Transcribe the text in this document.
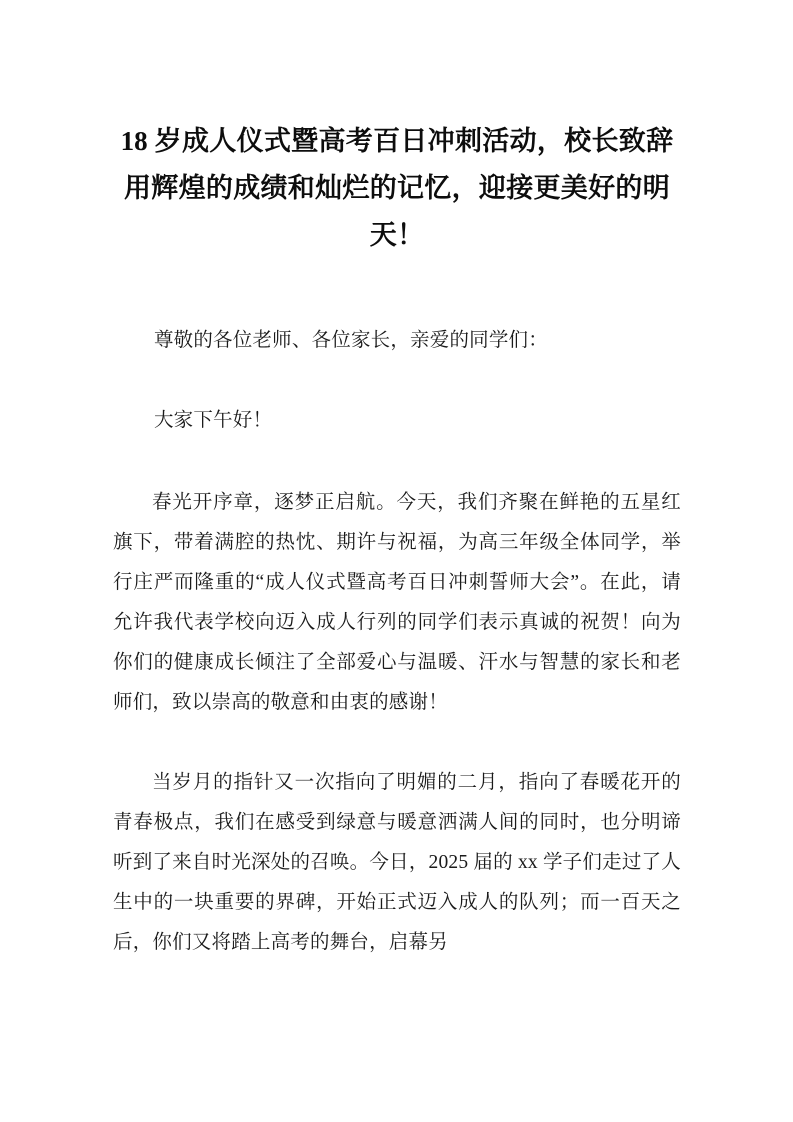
18 岁成人仪式暨高考百日冲刺活动，校长致辞用辉煌的成绩和灿烂的记忆，迎接更美好的明天！

尊敬的各位老师、各位家长，亲爱的同学们：

大家下午好！

春光开序章，逐梦正启航。今天，我们齐聚在鲜艳的五星红旗下，带着满腔的热忱、期许与祝福，为高三年级全体同学，举行庄严而隆重的“成人仪式暨高考百日冲刺誓师大会”。在此，请允许我代表学校向迈入成人行列的同学们表示真诚的祝贺！向为你们的健康成长倾注了全部爱心与温暖、汗水与智慧的家长和老师们，致以崇高的敬意和由衷的感谢！

当岁月的指针又一次指向了明媚的二月，指向了春暖花开的青春极点，我们在感受到绿意与暖意洒满人间的同时，也分明谛听到了来自时光深处的召唤。今日，2025 届的 xx 学子们走过了人生中的一块重要的界碑，开始正式迈入成人的队列；而一百天之后，你们又将踏上高考的舞台，启幕另
